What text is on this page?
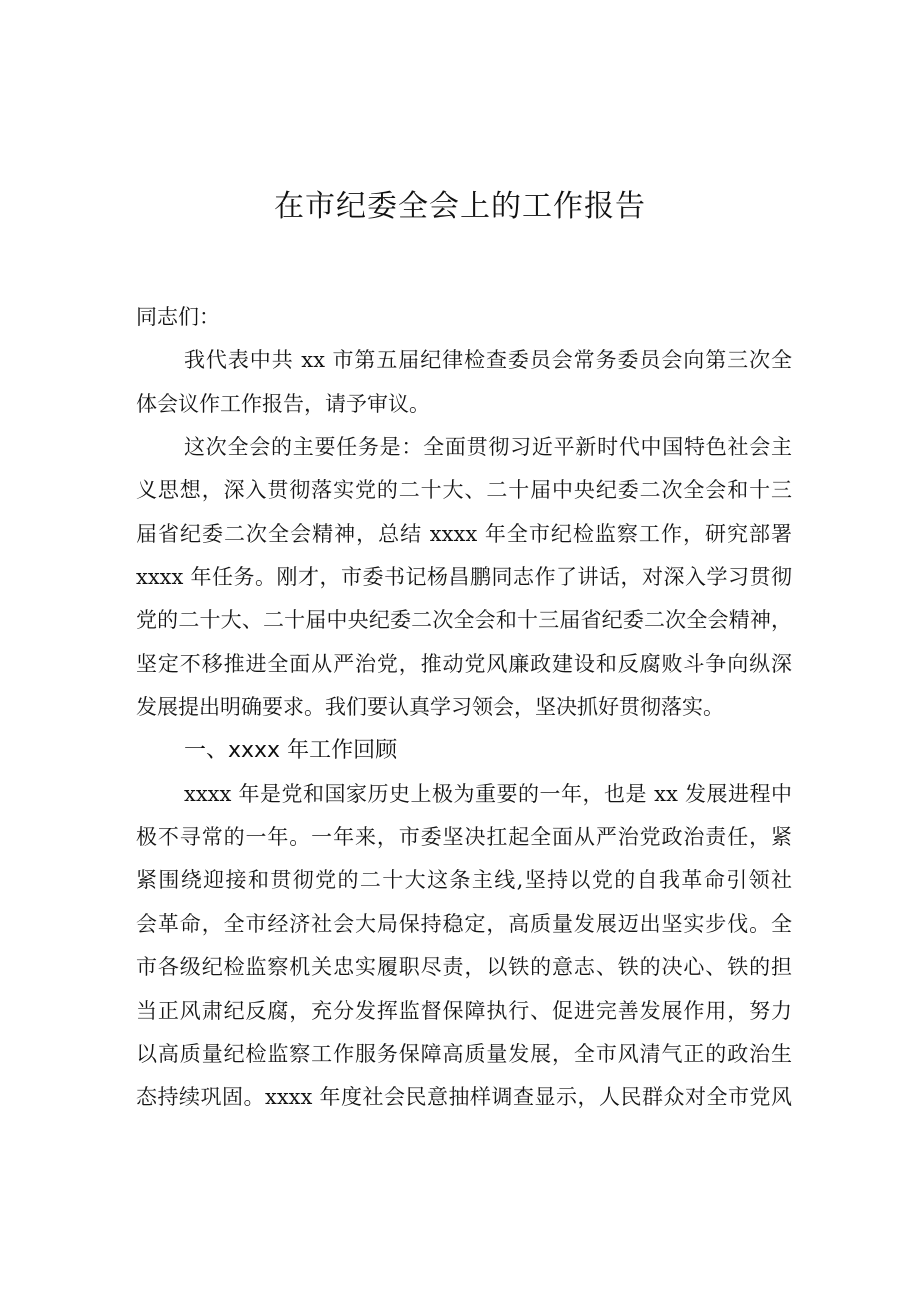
在市纪委全会上的工作报告
同志们：
我代表中共 xx 市第五届纪律检查委员会常务委员会向第三次全
体会议作工作报告，请予审议。
这次全会的主要任务是：全面贯彻习近平新时代中国特色社会主
义思想，深入贯彻落实党的二十大、二十届中央纪委二次全会和十三
届省纪委二次全会精神，总结 xxxx 年全市纪检监察工作，研究部署
xxxx 年任务。刚才，市委书记杨昌鹏同志作了讲话，对深入学习贯彻
党的二十大、二十届中央纪委二次全会和十三届省纪委二次全会精神，
坚定不移推进全面从严治党，推动党风廉政建设和反腐败斗争向纵深
发展提出明确要求。我们要认真学习领会，坚决抓好贯彻落实。
一、xxxx 年工作回顾
xxxx 年是党和国家历史上极为重要的一年，也是 xx 发展进程中
极不寻常的一年。一年来，市委坚决扛起全面从严治党政治责任，紧
紧围绕迎接和贯彻党的二十大这条主线,坚持以党的自我革命引领社
会革命，全市经济社会大局保持稳定，高质量发展迈出坚实步伐。全
市各级纪检监察机关忠实履职尽责，以铁的意志、铁的决心、铁的担
当正风肃纪反腐，充分发挥监督保障执行、促进完善发展作用，努力
以高质量纪检监察工作服务保障高质量发展，全市风清气正的政治生
态持续巩固。xxxx 年度社会民意抽样调查显示，人民群众对全市党风
